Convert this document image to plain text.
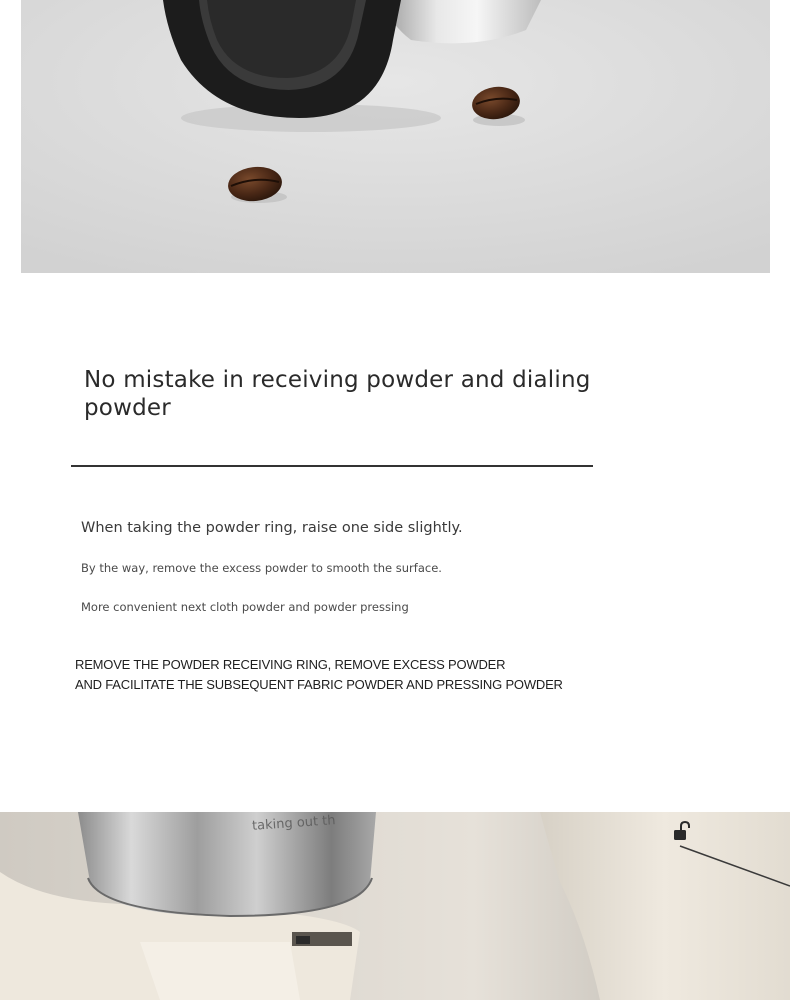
No mistake in receiving powder and dialing powder

When taking the powder ring, raise one side slightly.

By the way, remove the excess powder to smooth the surface.

More convenient next cloth powder and powder pressing

REMOVE THE POWDER RECEIVING RING, REMOVE EXCESS POWDER

AND FACILITATE THE SUBSEQUENT FABRIC POWDER AND PRESSING POWDER

taking out th
